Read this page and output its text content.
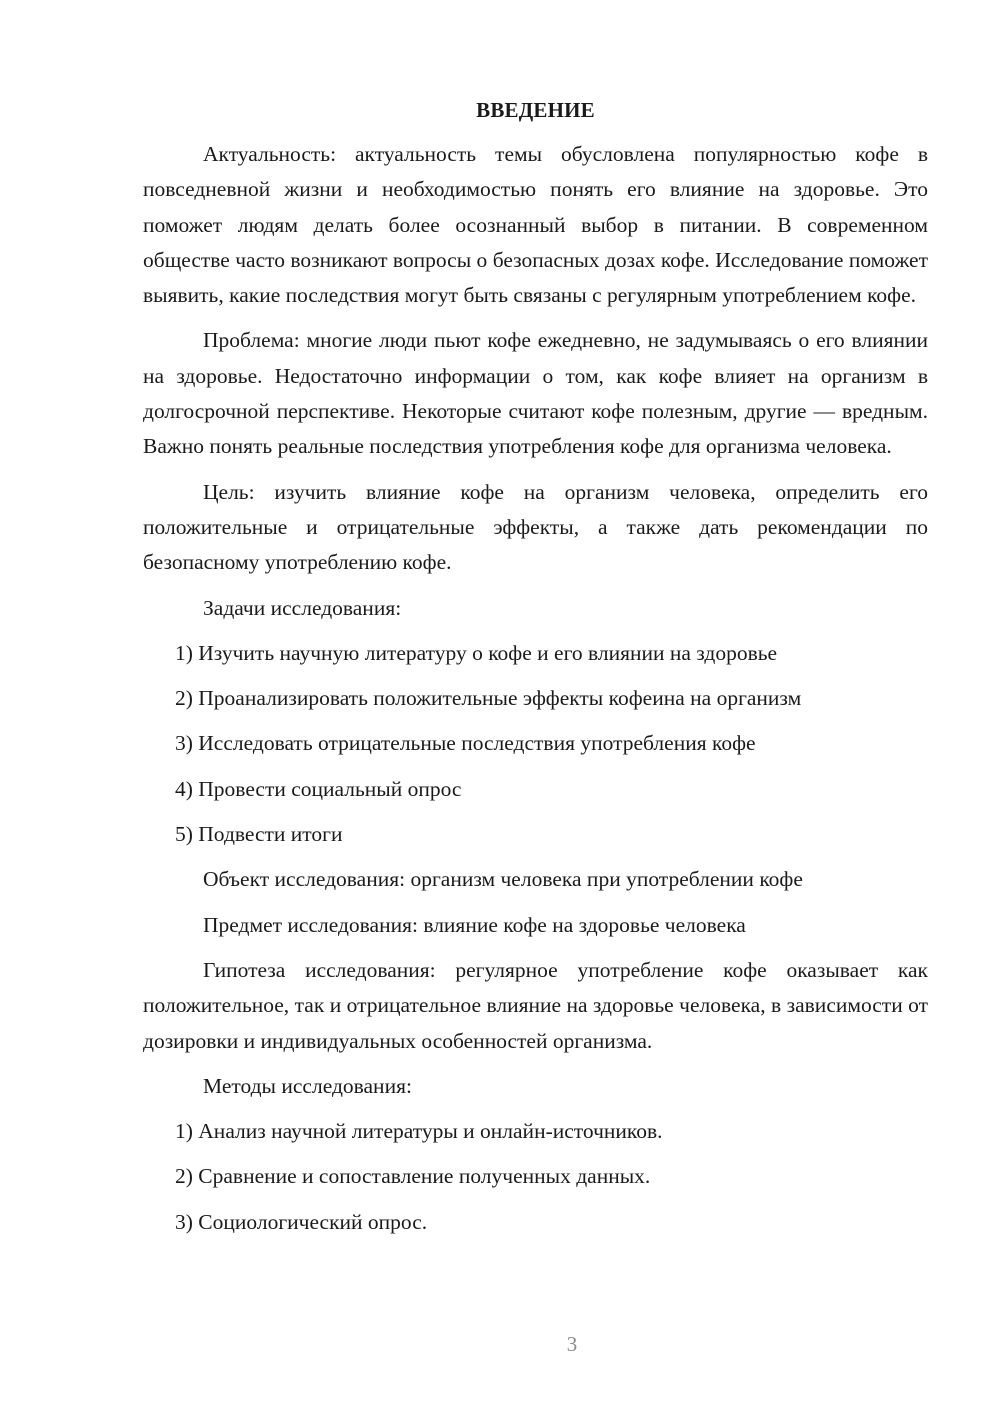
ВВЕДЕНИЕ

Актуальность: актуальность темы обусловлена популярностью кофе в повседневной жизни и необходимостью понять его влияние на здоровье. Это поможет людям делать более осознанный выбор в питании. В современном обществе часто возникают вопросы о безопасных дозах кофе. Исследование поможет выявить, какие последствия могут быть связаны с регулярным употреблением кофе.

Проблема: многие люди пьют кофе ежедневно, не задумываясь о его влиянии на здоровье. Недостаточно информации о том, как кофе влияет на организм в долгосрочной перспективе. Некоторые считают кофе полезным, другие — вредным. Важно понять реальные последствия употребления кофе для организма человека.

Цель: изучить влияние кофе на организм человека, определить его положительные и отрицательные эффекты, а также дать рекомендации по безопасному употреблению кофе.

Задачи исследования:

1) Изучить научную литературу о кофе и его влиянии на здоровье
2) Проанализировать положительные эффекты кофеина на организм
3) Исследовать отрицательные последствия употребления кофе
4) Провести социальный опрос
5) Подвести итоги

Объект исследования: организм человека при употреблении кофе

Предмет исследования: влияние кофе на здоровье человека

Гипотеза исследования: регулярное употребление кофе оказывает как положительное, так и отрицательное влияние на здоровье человека, в зависимости от дозировки и индивидуальных особенностей организма.

Методы исследования:

1) Анализ научной литературы и онлайн-источников.
2) Сравнение и сопоставление полученных данных.
3) Социологический опрос.
3
